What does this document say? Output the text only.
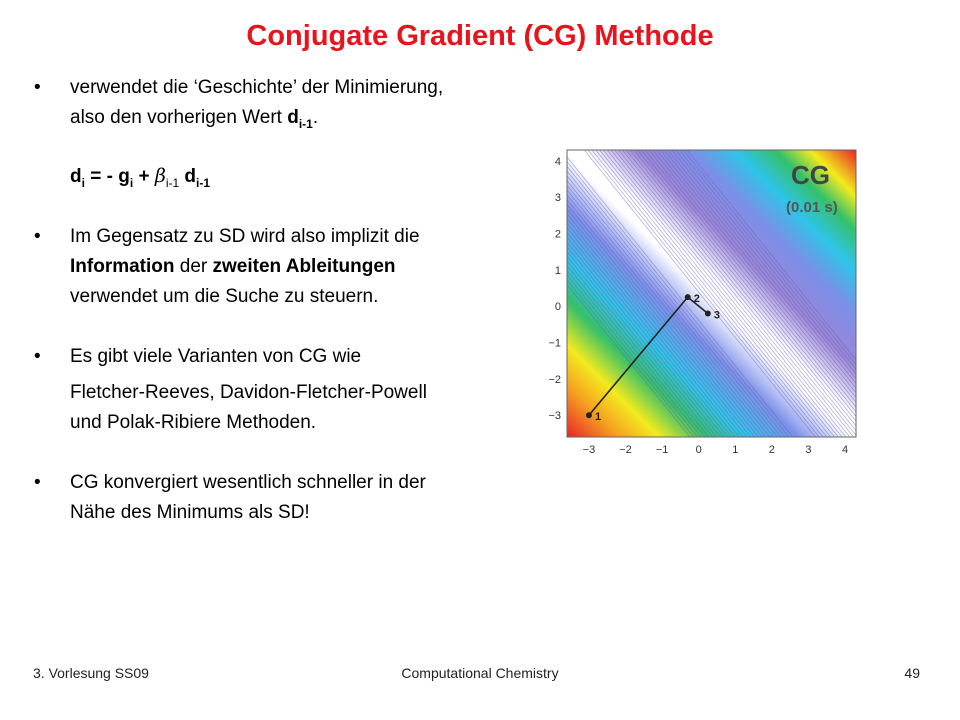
Conjugate Gradient (CG) Methode
• verwendet die ‘Geschichte’ der Minimierung,
also den vorherigen Wert $d_{i-1}$.
$d_i$ = - $g_i + \beta_{i-1}$ $d_{i-1}$
• Im Gegensatz zu SD wird also implizit die
Information der zweiten Ableitungen
verwendet um die Suche zu steuern.
• Es gibt viele Varianten von CG wie

Fletcher-Reeves, Davidon-Fletcher-Powell
und Polak-Ribiere Methoden.
• CG konvergiert wesentlich schneller in der
Nähe des Minimums als SD!
−3 −2 −1 0	1	2	3	4
4
3
2
1
0
−1
−2
−3	1
2
3
CG
(0.01 s)
3. Vorlesung SS09	Computational Chemistry	49
